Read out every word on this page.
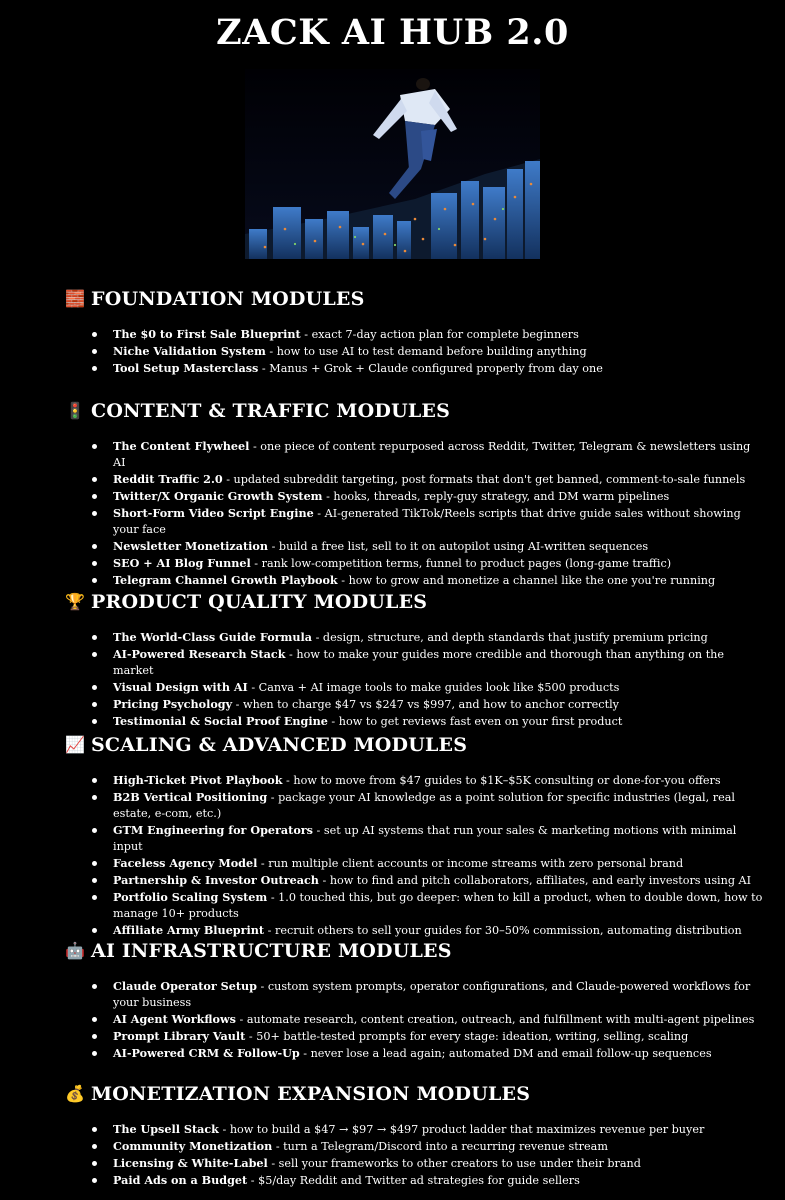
ZACK AI HUB 2.0
🧱 FOUNDATION MODULES
The $0 to First Sale Blueprint - exact 7-day action plan for complete beginners
Niche Validation System - how to use AI to test demand before building anything
Tool Setup Masterclass - Manus + Grok + Claude configured properly from day one
🚦 CONTENT & TRAFFIC MODULES
The Content Flywheel - one piece of content repurposed across Reddit, Twitter, Telegram & newsletters using AI
Reddit Traffic 2.0 - updated subreddit targeting, post formats that don't get banned, comment-to-sale funnels
Twitter/X Organic Growth System - hooks, threads, reply-guy strategy, and DM warm pipelines
Short-Form Video Script Engine - AI-generated TikTok/Reels scripts that drive guide sales without showing your face
Newsletter Monetization - build a free list, sell to it on autopilot using AI-written sequences
SEO + AI Blog Funnel - rank low-competition terms, funnel to product pages (long-game traffic)
Telegram Channel Growth Playbook - how to grow and monetize a channel like the one you're running
🏆 PRODUCT QUALITY MODULES
The World-Class Guide Formula - design, structure, and depth standards that justify premium pricing
AI-Powered Research Stack - how to make your guides more credible and thorough than anything on the market
Visual Design with AI - Canva + AI image tools to make guides look like $500 products
Pricing Psychology - when to charge $47 vs $247 vs $997, and how to anchor correctly
Testimonial & Social Proof Engine - how to get reviews fast even on your first product
📈 SCALING & ADVANCED MODULES
High-Ticket Pivot Playbook - how to move from $47 guides to $1K–$5K consulting or done-for-you offers
B2B Vertical Positioning - package your AI knowledge as a point solution for specific industries (legal, real estate, e-com, etc.)
GTM Engineering for Operators - set up AI systems that run your sales & marketing motions with minimal input
Faceless Agency Model - run multiple client accounts or income streams with zero personal brand
Partnership & Investor Outreach - how to find and pitch collaborators, affiliates, and early investors using AI
Portfolio Scaling System - 1.0 touched this, but go deeper: when to kill a product, when to double down, how to manage 10+ products
Affiliate Army Blueprint - recruit others to sell your guides for 30–50% commission, automating distribution
🤖 AI INFRASTRUCTURE MODULES
Claude Operator Setup - custom system prompts, operator configurations, and Claude-powered workflows for your business
AI Agent Workflows - automate research, content creation, outreach, and fulfillment with multi-agent pipelines
Prompt Library Vault - 50+ battle-tested prompts for every stage: ideation, writing, selling, scaling
AI-Powered CRM & Follow-Up - never lose a lead again; automated DM and email follow-up sequences
💰 MONETIZATION EXPANSION MODULES
The Upsell Stack - how to build a $47 → $97 → $497 product ladder that maximizes revenue per buyer
Community Monetization - turn a Telegram/Discord into a recurring revenue stream
Licensing & White-Label - sell your frameworks to other creators to use under their brand
Paid Ads on a Budget - $5/day Reddit and Twitter ad strategies for guide sellers
